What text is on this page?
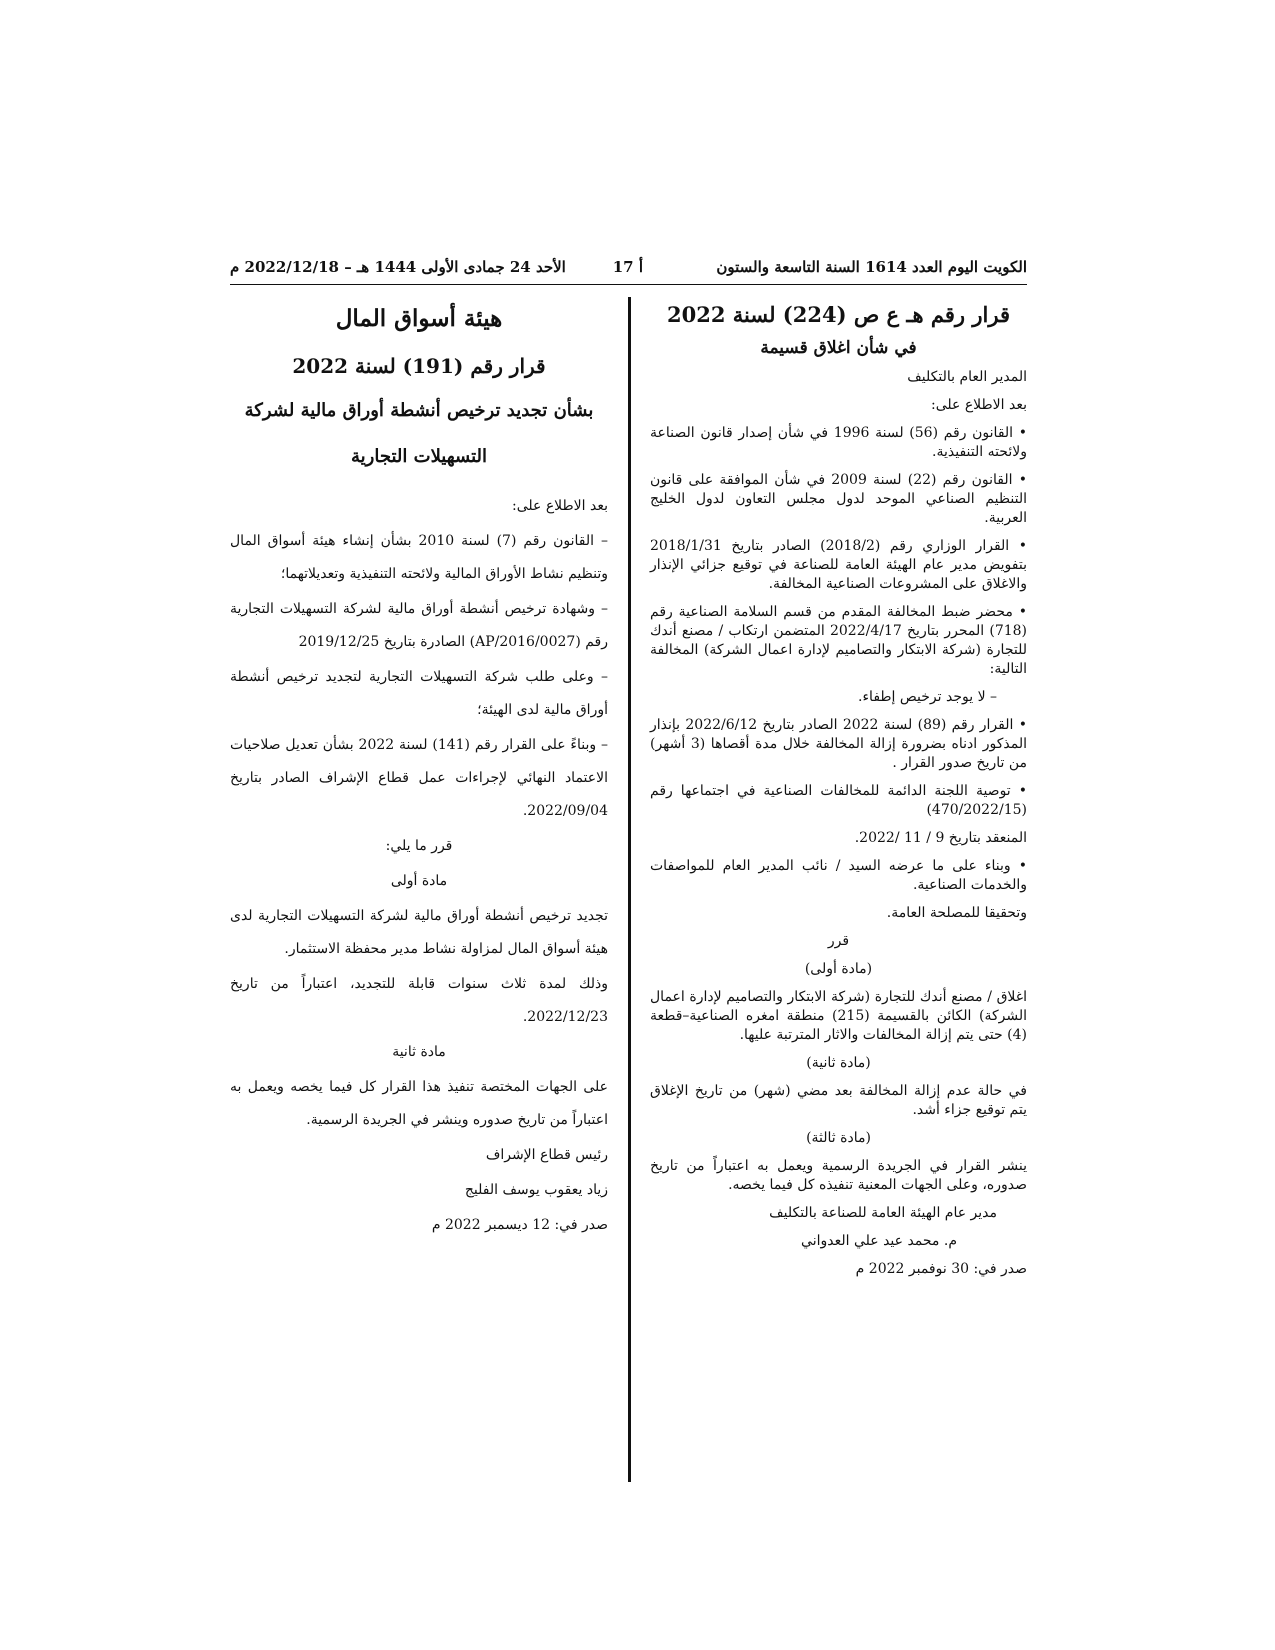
الكويت اليوم العدد 1614 السنة التاسعة والستون
أ 17
الأحد 24 جمادى الأولى 1444 هـ – 2022/12/18 م
قرار رقم هـ ع ص (224) لسنة 2022
في شأن اغلاق قسيمة
المدير العام بالتكليف
بعد الاطلاع على:
• القانون رقم (56) لسنة 1996 في شأن إصدار قانون الصناعة ولائحته التنفيذية.
• القانون رقم (22) لسنة 2009 في شأن الموافقة على قانون التنظيم الصناعي الموحد لدول مجلس التعاون لدول الخليج العربية.
• القرار الوزاري رقم (2018/2) الصادر بتاريخ 2018/1/31 بتفويض مدير عام الهيئة العامة للصناعة في توقيع جزائي الإنذار والاغلاق على المشروعات الصناعية المخالفة.
• محضر ضبط المخالفة المقدم من قسم السلامة الصناعية رقم (718) المحرر بتاريخ 2022/4/17 المتضمن ارتكاب / مصنع أندك للتجارة (شركة الابتكار والتصاميم لإدارة اعمال الشركة) المخالفة التالية:
– لا يوجد ترخيص إطفاء.
• القرار رقم (89) لسنة 2022 الصادر بتاريخ 2022/6/12 بإنذار المذكور ادناه بضرورة إزالة المخالفة خلال مدة أقصاها (3 أشهر) من تاريخ صدور القرار .
• توصية اللجنة الدائمة للمخالفات الصناعية في اجتماعها رقم (470/2022/15)
المنعقد بتاريخ 9 / 11 /2022.
• وبناء على ما عرضه السيد / نائب المدير العام للمواصفات والخدمات الصناعية.
وتحقيقا للمصلحة العامة.
قرر
(مادة أولى)
اغلاق / مصنع أندك للتجارة (شركة الابتكار والتصاميم لإدارة اعمال الشركة) الكائن بالقسيمة (215) منطقة امغره الصناعية–قطعة (4) حتى يتم إزالة المخالفات والاثار المترتبة عليها.
(مادة ثانية)
في حالة عدم إزالة المخالفة بعد مضي (شهر) من تاريخ الإغلاق يتم توقيع جزاء أشد.
(مادة ثالثة)
ينشر القرار في الجريدة الرسمية ويعمل به اعتباراً من تاريخ صدوره، وعلى الجهات المعنية تنفيذه كل فيما يخصه.
مدير عام الهيئة العامة للصناعة بالتكليف
م. محمد عيد علي العدواني
صدر في: 30 نوفمبر 2022 م
هيئة أسواق المال
قرار رقم (191) لسنة 2022
بشأن تجديد ترخيص أنشطة أوراق مالية لشركة
التسهيلات التجارية
بعد الاطلاع على:
– القانون رقم (7) لسنة 2010 بشأن إنشاء هيئة أسواق المال وتنظيم نشاط الأوراق المالية ولائحته التنفيذية وتعديلاتهما؛
– وشهادة ترخيص أنشطة أوراق مالية لشركة التسهيلات التجارية رقم (AP/2016/0027) الصادرة بتاريخ 2019/12/25
– وعلى طلب شركة التسهيلات التجارية لتجديد ترخيص أنشطة أوراق مالية لدى الهيئة؛
– وبناءً على القرار رقم (141) لسنة 2022 بشأن تعديل صلاحيات الاعتماد النهائي لإجراءات عمل قطاع الإشراف الصادر بتاريخ 2022/09/04.
قرر ما يلي:
مادة أولى
تجديد ترخيص أنشطة أوراق مالية لشركة التسهيلات التجارية لدى هيئة أسواق المال لمزاولة نشاط مدير محفظة الاستثمار.
وذلك لمدة ثلاث سنوات قابلة للتجديد، اعتباراً من تاريخ 2022/12/23.
مادة ثانية
على الجهات المختصة تنفيذ هذا القرار كل فيما يخصه ويعمل به اعتباراً من تاريخ صدوره وينشر في الجريدة الرسمية.
رئيس قطاع الإشراف
زياد يعقوب يوسف الفليج
صدر في: 12 ديسمبر 2022 م
